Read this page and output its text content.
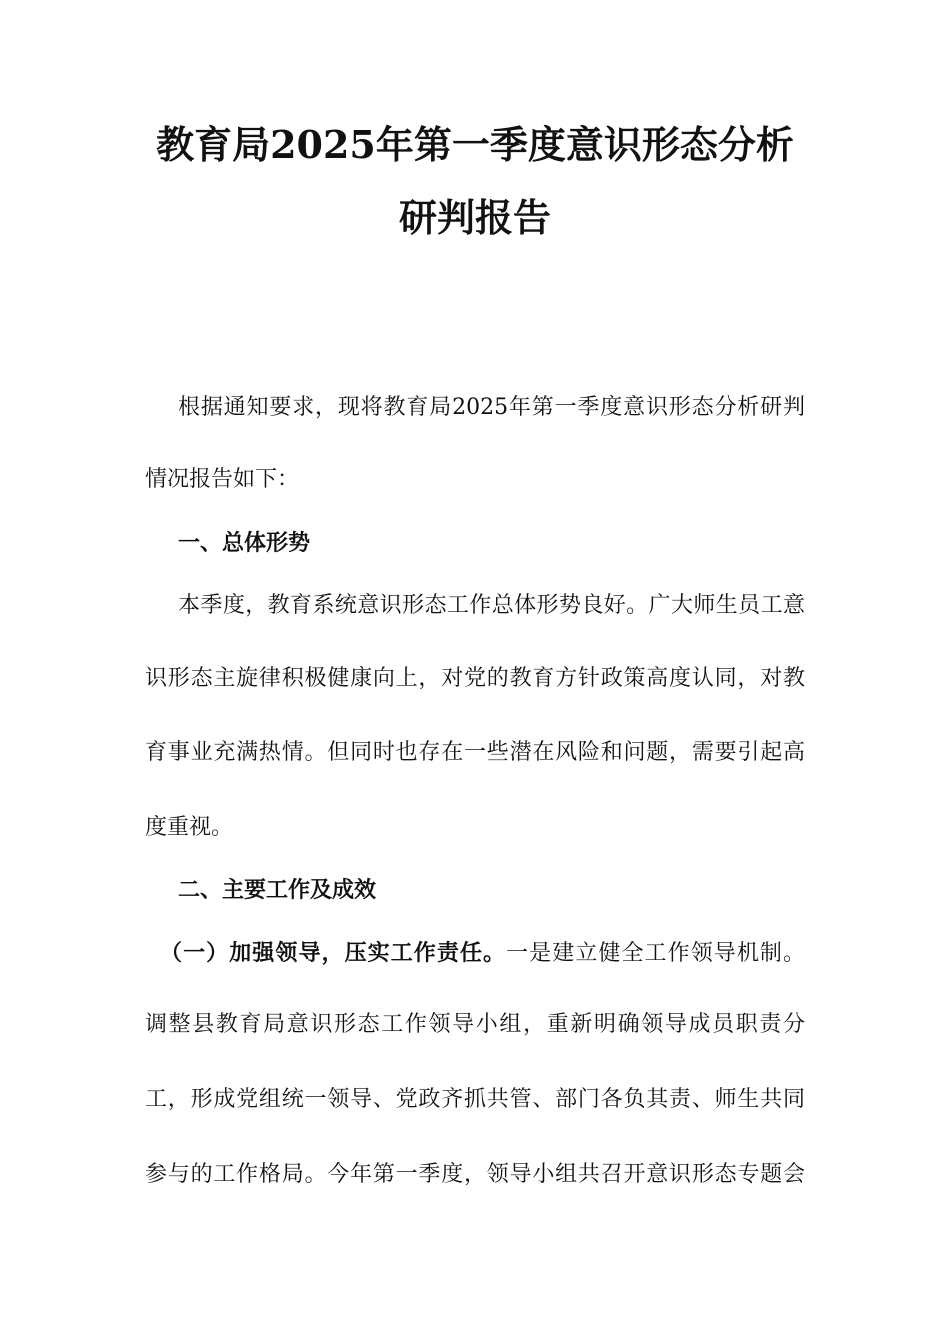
教育局2025年第一季度意识形态分析
研判报告
根据通知要求，现将教育局2025年第一季度意识形态分析研判
情况报告如下：
一、总体形势
本季度，教育系统意识形态工作总体形势良好。广大师生员工意
识形态主旋律积极健康向上，对党的教育方针政策高度认同，对教
育事业充满热情。但同时也存在一些潜在风险和问题，需要引起高
度重视。
二、主要工作及成效
（一）加强领导，压实工作责任。一是建立健全工作领导机制。
调整县教育局意识形态工作领导小组，重新明确领导成员职责分
工，形成党组统一领导、党政齐抓共管、部门各负其责、师生共同
参与的工作格局。今年第一季度，领导小组共召开意识形态专题会
